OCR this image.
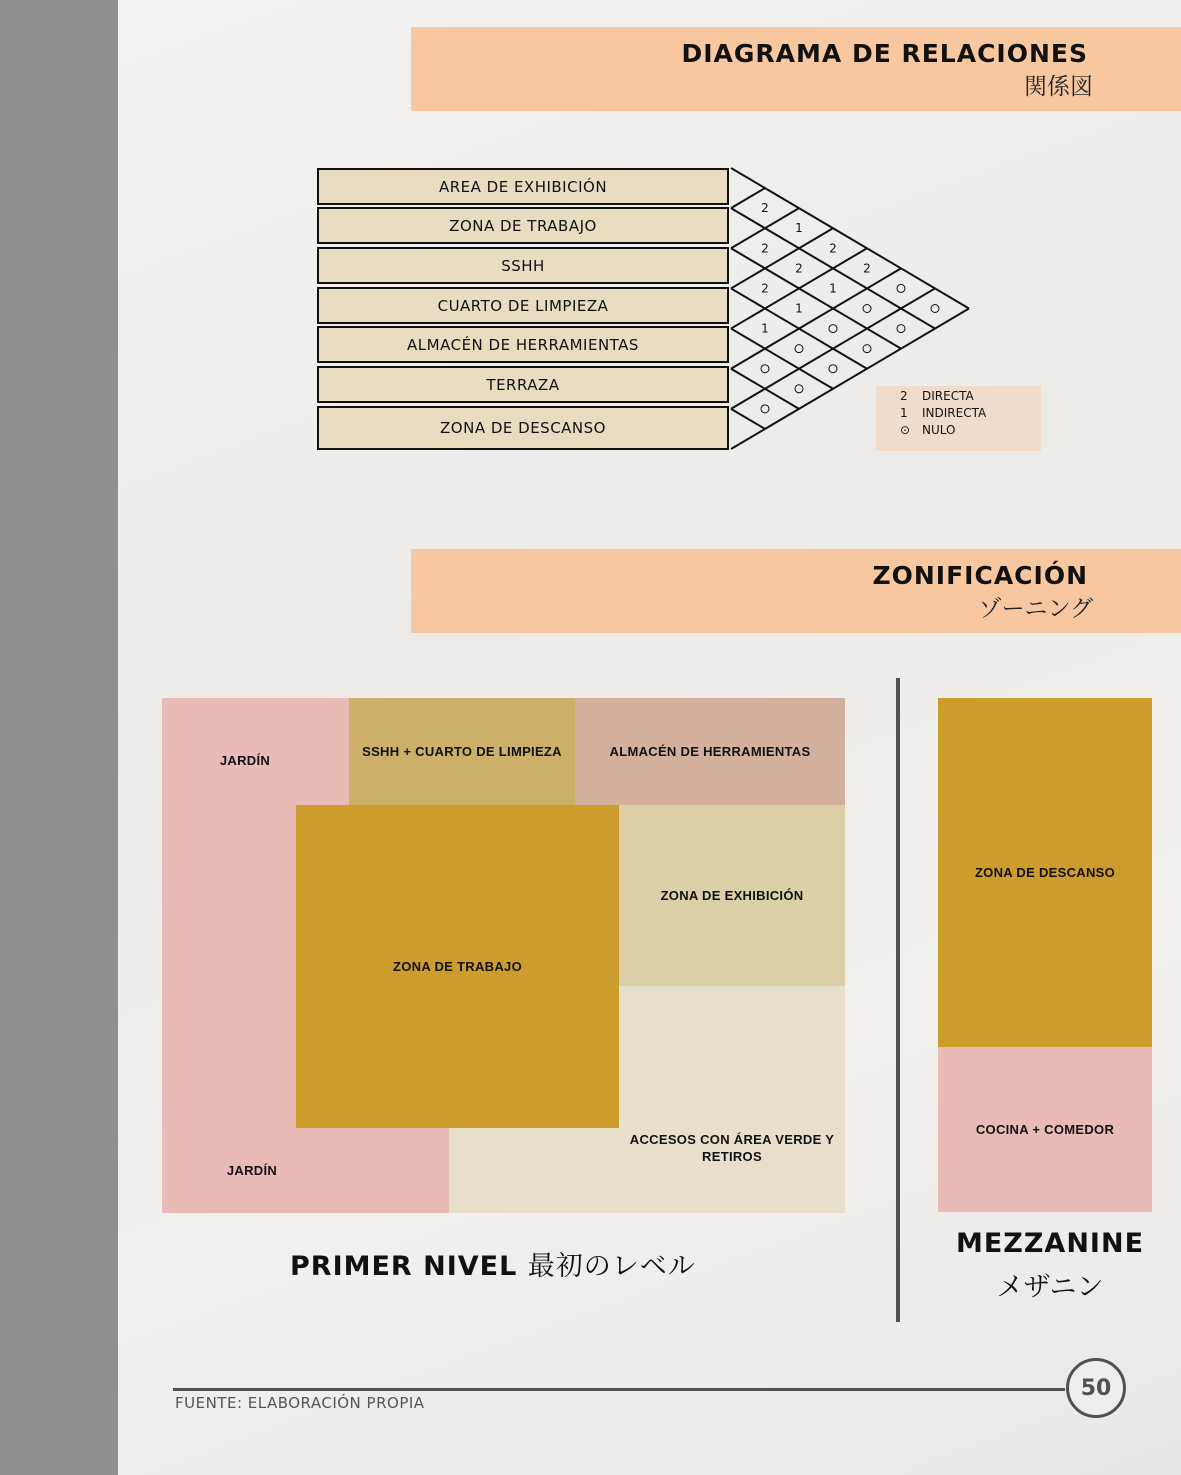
DIAGRAMA DE RELACIONES
関係図
AREA DE EXHIBICIÓN
ZONA DE TRABAJO
SSHH
CUARTO DE LIMPIEZA
ALMACÉN DE HERRAMIENTAS
TERRAZA
ZONA DE DESCANSO
2
1
2
2
2
2
1
2
1
1
2 DIRECTA
1 INDIRECTA
⊙ NULO
ZONIFICACIÓN
ゾーニング
SSHH + CUARTO DE LIMPIEZA	ALMACÉN DE HERRAMIENTAS
ZONA DE EXHIBICIÓN
ZONA DE TRABAJO
ACCESOS CON ÁREA VERDE Y RETIROS
JARDÍN
JARDÍN
PRIMER NIVEL 最初のレベル
ZONA DE DESCANSO
COCINA + COMEDOR
MEZZANINE
メザニン
FUENTE: ELABORACIÓN PROPIA
50
